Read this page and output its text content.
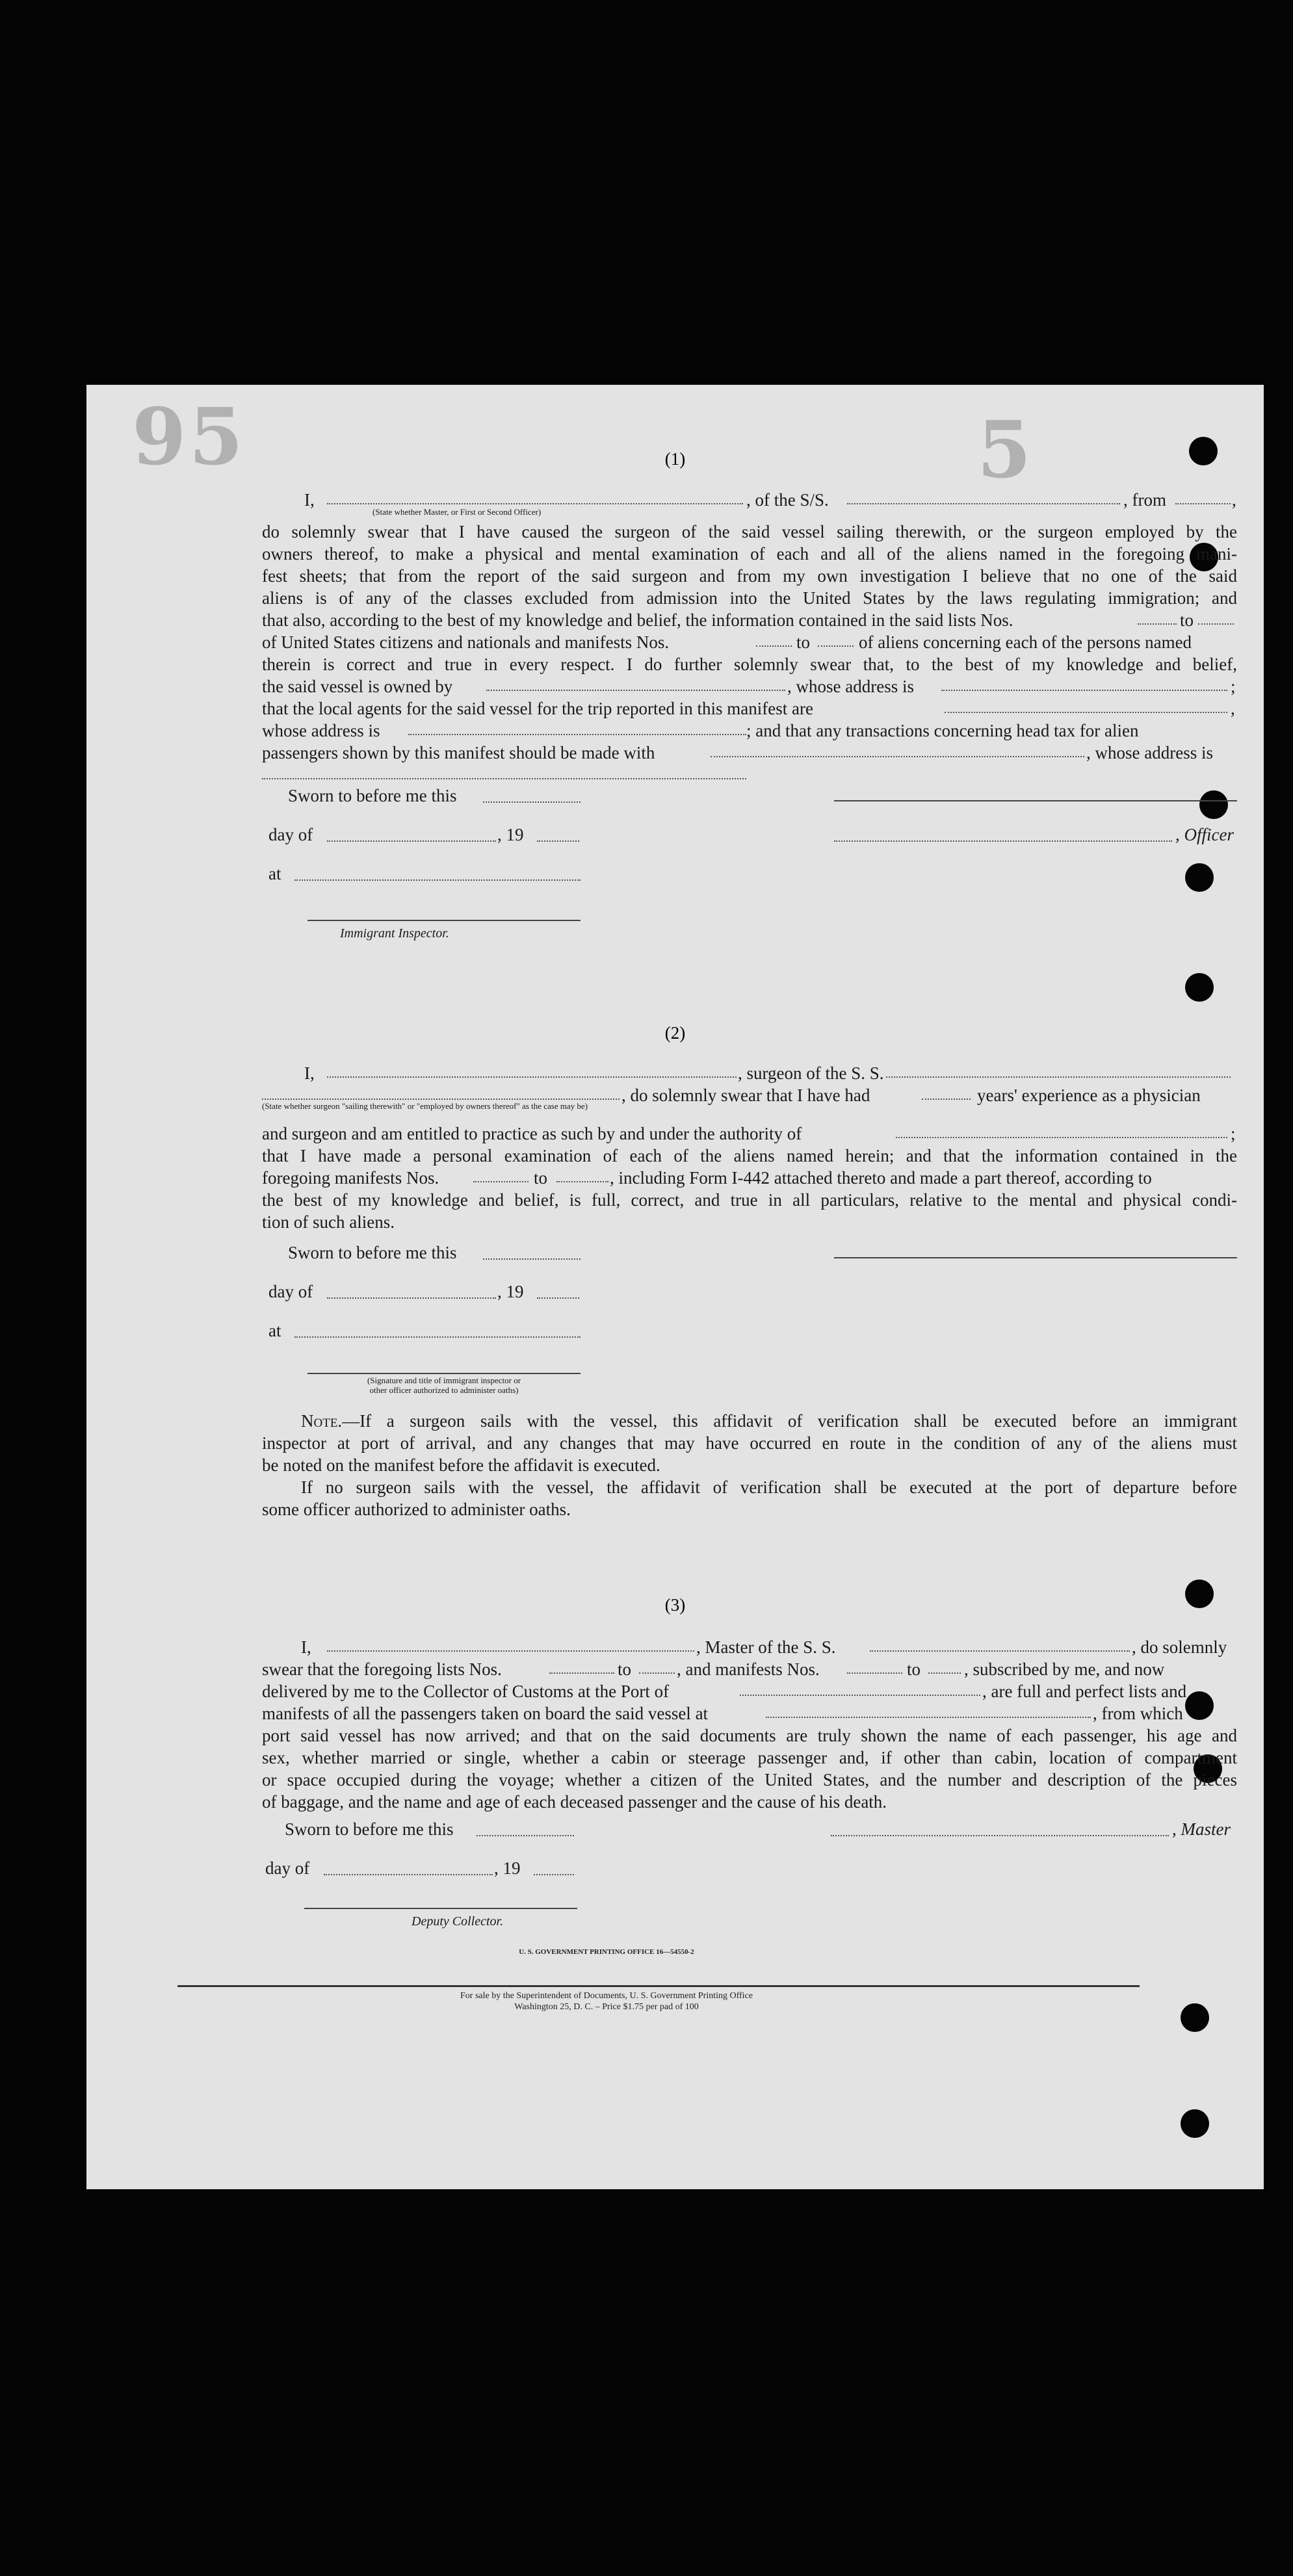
95	5
(1)
I,	, of the S/S.	, from	,
(State whether Master, or First or Second Officer)
do solemnly swear that I have caused the surgeon of the said vessel sailing therewith, or the surgeon employed by the
owners thereof, to make a physical and mental examination of each and all of the aliens named in the foregoing mani-
fest sheets; that from the report of the said surgeon and from my own investigation I believe that no one of the said
aliens is of any of the classes excluded from admission into the United States by the laws regulating immigration; and
that also, according to the best of my knowledge and belief, the information contained in the said lists Nos.	to
of United States citizens and nationals and manifests Nos.	to	of aliens concerning each of the persons named
therein is correct and true in every respect. I do further solemnly swear that, to the best of my knowledge and belief,
the said vessel is owned by	, whose address is	;
that the local agents for the said vessel for the trip reported in this manifest are	,
whose address is	; and that any transactions concerning head tax for alien
passengers shown by this manifest should be made with	, whose address is
Sworn to before me this
day of	, 19	, Officer
at
Immigrant Inspector.
(2)
I,	, surgeon of the S. S.
, do solemnly swear that I have had	years' experience as a physician
(State whether surgeon "sailing therewith" or "employed by owners thereof" as the case may be)
and surgeon and am entitled to practice as such by and under the authority of	;
that I have made a personal examination of each of the aliens named herein; and that the information contained in the
foregoing manifests Nos.	to	, including Form I-442 attached thereto and made a part thereof, according to
the best of my knowledge and belief, is full, correct, and true in all particulars, relative to the mental and physical condi-
tion of such aliens.
Sworn to before me this
day of	, 19
at
(Signature and title of immigrant inspector or
other officer authorized to administer oaths)
Note.—If a surgeon sails with the vessel, this affidavit of verification shall be executed before an immigrant
inspector at port of arrival, and any changes that may have occurred en route in the condition of any of the aliens must
be noted on the manifest before the affidavit is executed.
If no surgeon sails with the vessel, the affidavit of verification shall be executed at the port of departure before
some officer authorized to administer oaths.
(3)
I,	, Master of the S. S.	, do solemnly
swear that the foregoing lists Nos.	to	, and manifests Nos.	to , subscribed by me, and now
delivered by me to the Collector of Customs at the Port of	, are full and perfect lists and
manifests of all the passengers taken on board the said vessel at	, from which
port said vessel has now arrived; and that on the said documents are truly shown the name of each passenger, his age and
sex, whether married or single, whether a cabin or steerage passenger and, if other than cabin, location of compartment
or space occupied during the voyage; whether a citizen of the United States, and the number and description of the pieces
of baggage, and the name and age of each deceased passenger and the cause of his death.
Sworn to before me this	, Master
day of	, 19
Deputy Collector.
U. S. GOVERNMENT PRINTING OFFICE 16—54550-2
For sale by the Superintendent of Documents, U. S. Government Printing Office
Washington 25, D. C. – Price $1.75 per pad of 100
